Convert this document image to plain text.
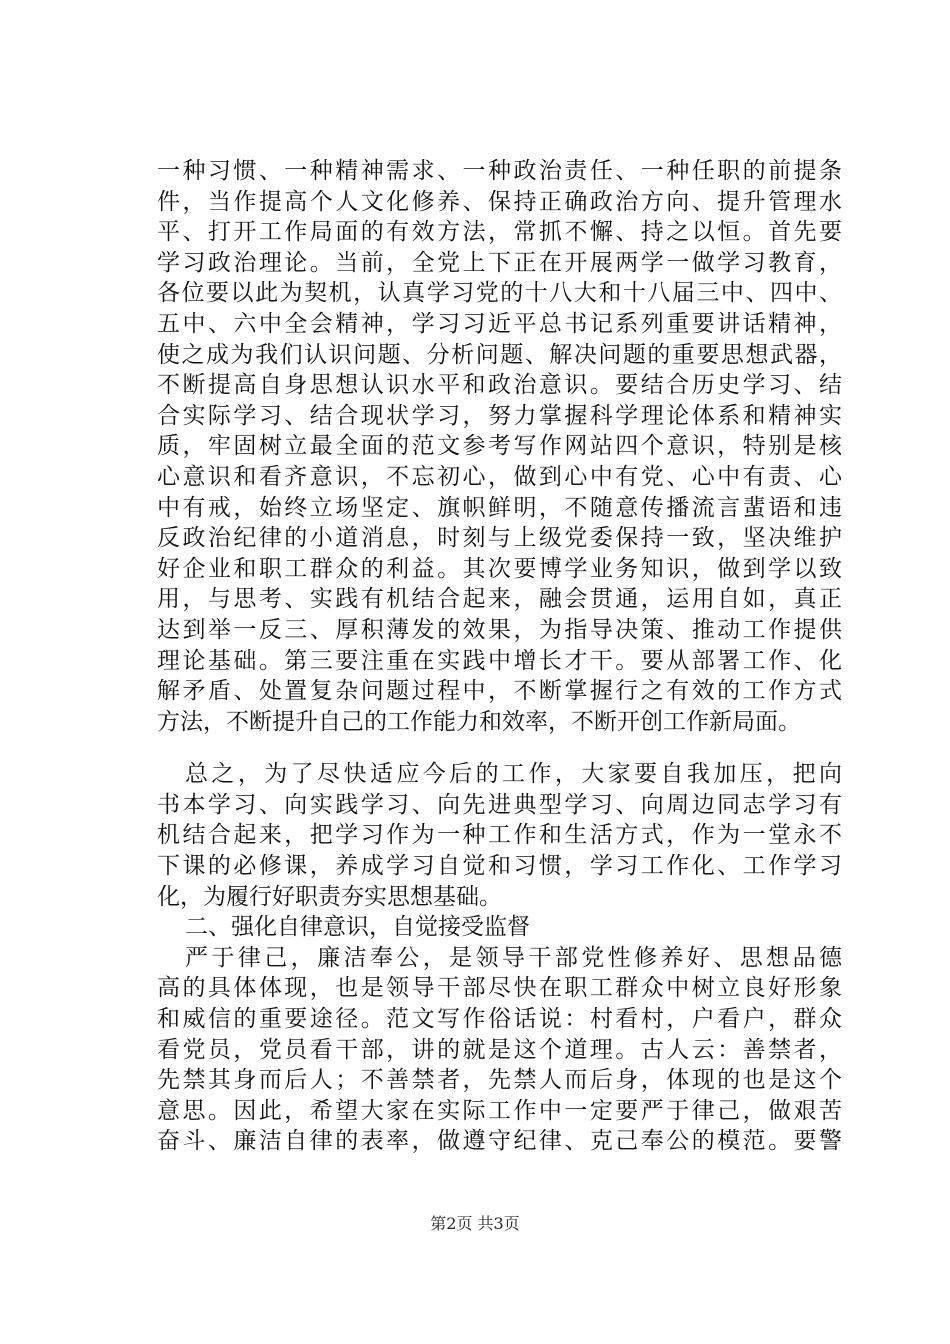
一种习惯、一种精神需求、一种政治责任、一种任职的前提条
件，当作提高个人文化修养、保持正确政治方向、提升管理水
平、打开工作局面的有效方法，常抓不懈、持之以恒。首先要
学习政治理论。当前，全党上下正在开展两学一做学习教育，
各位要以此为契机，认真学习党的十八大和十八届三中、四中、
五中、六中全会精神，学习习近平总书记系列重要讲话精神，
使之成为我们认识问题、分析问题、解决问题的重要思想武器，
不断提高自身思想认识水平和政治意识。要结合历史学习、结
合实际学习、结合现状学习，努力掌握科学理论体系和精神实
质，牢固树立最全面的范文参考写作网站四个意识，特别是核
心意识和看齐意识，不忘初心，做到心中有党、心中有责、心
中有戒，始终立场坚定、旗帜鲜明，不随意传播流言蜚语和违
反政治纪律的小道消息，时刻与上级党委保持一致，坚决维护
好企业和职工群众的利益。其次要博学业务知识，做到学以致
用，与思考、实践有机结合起来，融会贯通，运用自如，真正
达到举一反三、厚积薄发的效果，为指导决策、推动工作提供
理论基础。第三要注重在实践中增长才干。要从部署工作、化
解矛盾、处置复杂问题过程中，不断掌握行之有效的工作方式
方法，不断提升自己的工作能力和效率，不断开创工作新局面。
总之，为了尽快适应今后的工作，大家要自我加压，把向
书本学习、向实践学习、向先进典型学习、向周边同志学习有
机结合起来，把学习作为一种工作和生活方式，作为一堂永不
下课的必修课，养成学习自觉和习惯，学习工作化、工作学习
化，为履行好职责夯实思想基础。
二、强化自律意识，自觉接受监督
严于律己，廉洁奉公，是领导干部党性修养好、思想品德
高的具体体现，也是领导干部尽快在职工群众中树立良好形象
和威信的重要途径。范文写作俗话说：村看村，户看户，群众
看党员，党员看干部，讲的就是这个道理。古人云：善禁者，
先禁其身而后人；不善禁者，先禁人而后身，体现的也是这个
意思。因此，希望大家在实际工作中一定要严于律己，做艰苦
奋斗、廉洁自律的表率，做遵守纪律、克己奉公的模范。要警
第2页 共3页
